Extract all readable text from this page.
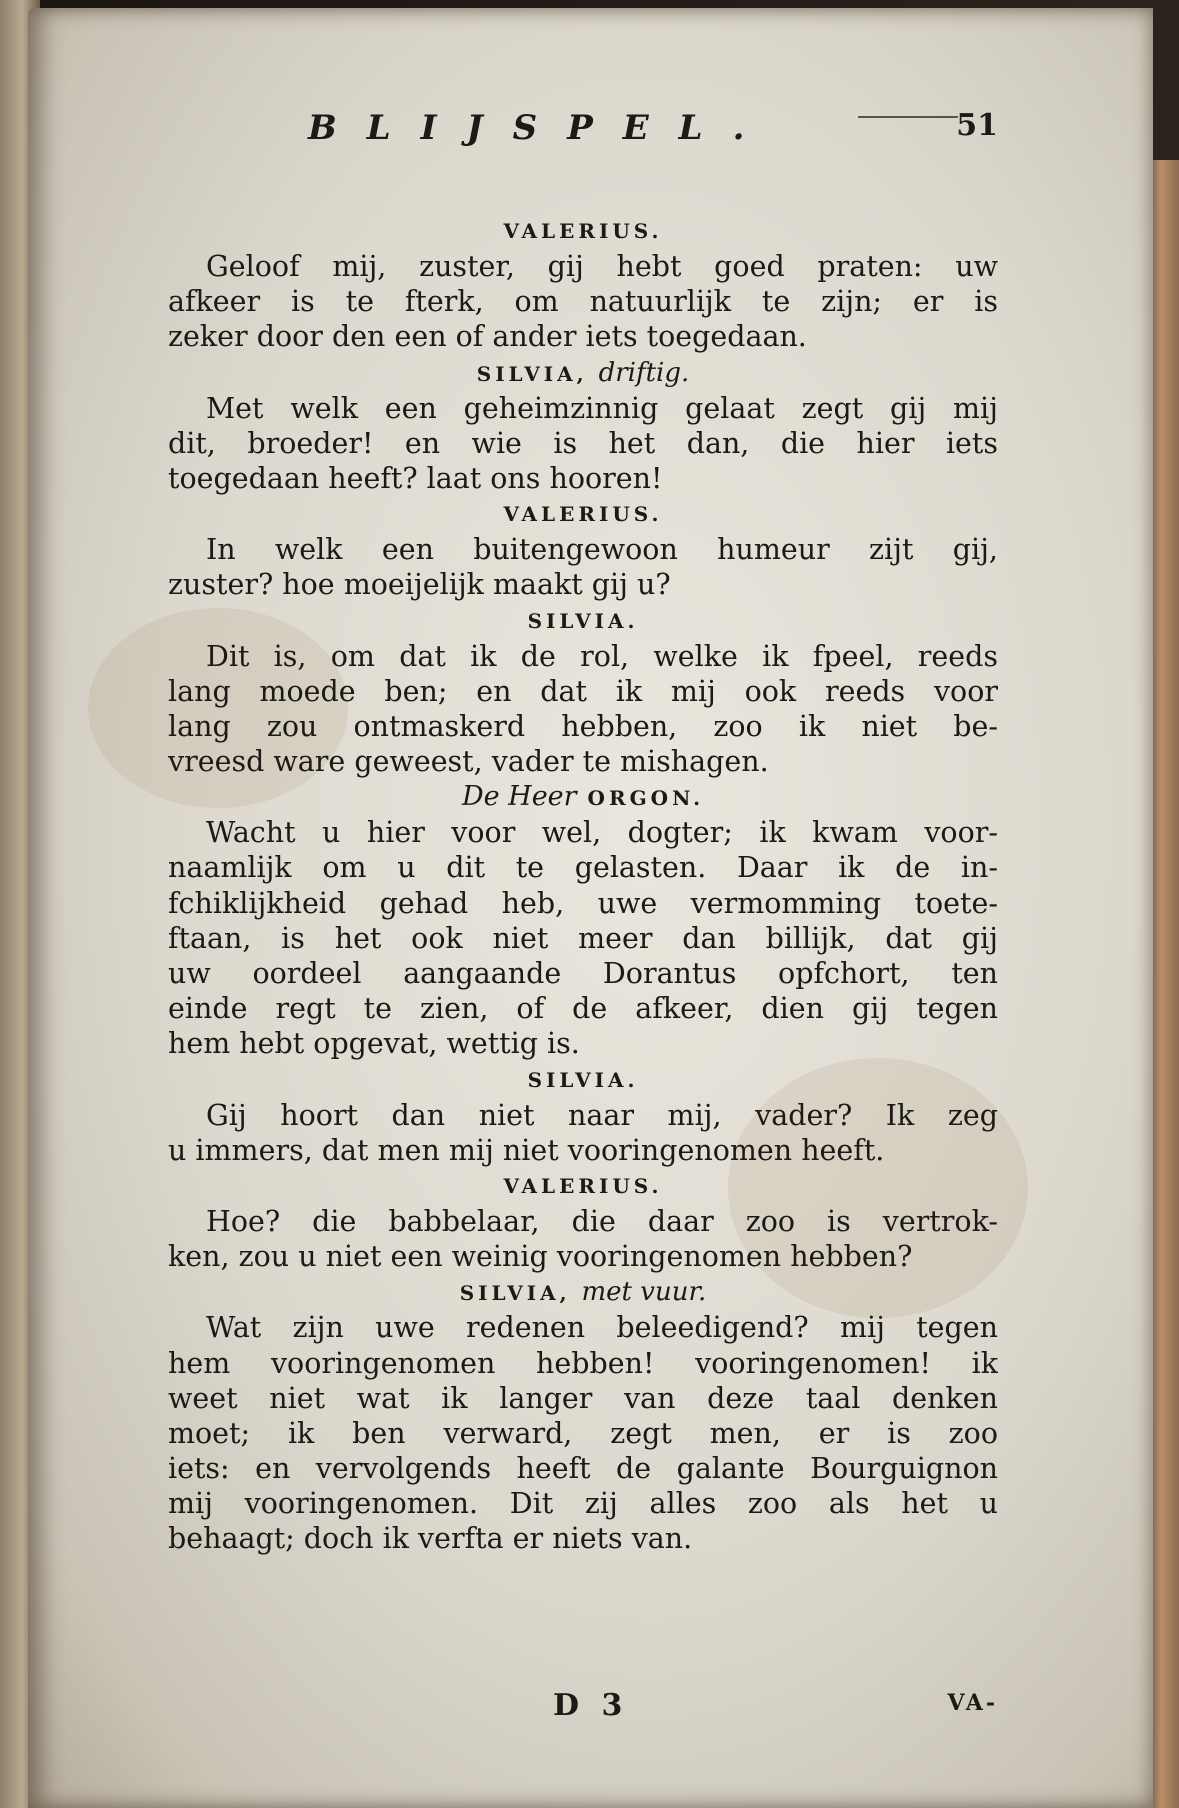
BLIJSPEL.	51
VALERIUS.
Geloof mij, zuster, gij hebt goed praten: uw
afkeer is te fterk, om natuurlijk te zijn; er is
zeker door den een of ander iets toegedaan.
SILVIA, driftig.
Met welk een geheimzinnig gelaat zegt gij mij
dit, broeder! en wie is het dan, die hier iets
toegedaan heeft? laat ons hooren!
VALERIUS.
In welk een buitengewoon humeur zijt gij,
zuster? hoe moeijelijk maakt gij u?
SILVIA.
Dit is, om dat ik de rol, welke ik fpeel, reeds
lang moede ben; en dat ik mij ook reeds voor
lang zou ontmaskerd hebben, zoo ik niet be-
vreesd ware geweest, vader te mishagen.
De Heer ORGON.
Wacht u hier voor wel, dogter; ik kwam voor-
naamlijk om u dit te gelasten. Daar ik de in-
fchiklijkheid gehad heb, uwe vermomming toete-
ftaan, is het ook niet meer dan billijk, dat gij
uw oordeel aangaande Dorantus opfchort, ten
einde regt te zien, of de afkeer, dien gij tegen
hem hebt opgevat, wettig is.
SILVIA.
Gij hoort dan niet naar mij, vader? Ik zeg
u immers, dat men mij niet vooringenomen heeft.
VALERIUS.
Hoe? die babbelaar, die daar zoo is vertrok-
ken, zou u niet een weinig vooringenomen hebben?
SILVIA, met vuur.
Wat zijn uwe redenen beleedigend? mij tegen
hem vooringenomen hebben! vooringenomen! ik
weet niet wat ik langer van deze taal denken
moet; ik ben verward, zegt men, er is zoo
iets: en vervolgends heeft de galante Bourguignon
mij vooringenomen. Dit zij alles zoo als het u
behaagt; doch ik verfta er niets van.
D 3	VA-
